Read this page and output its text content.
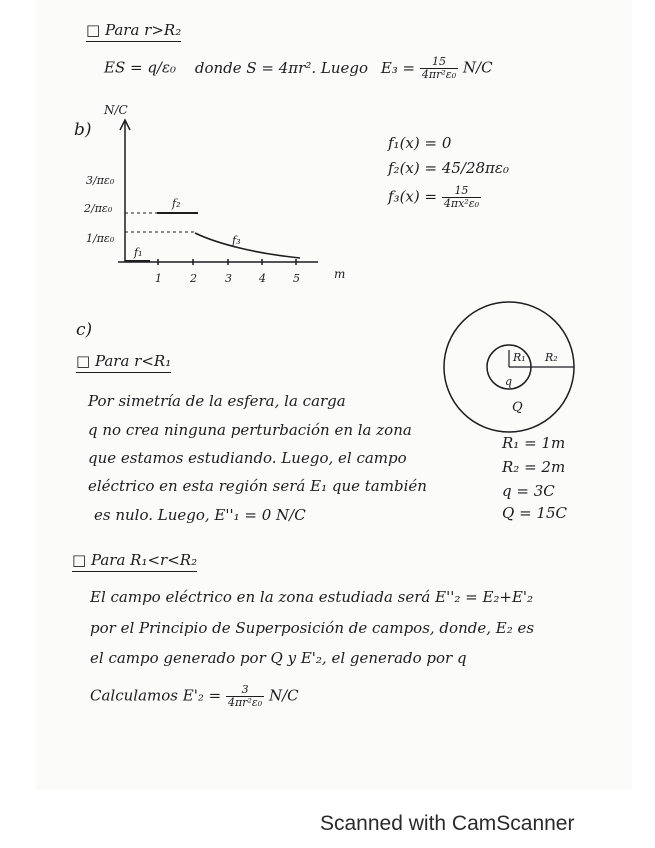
□ Para r>R₂
ES = q/ε₀ donde S = 4πr². Luego $E_3 = \frac{15}{\text{4πr²ε₀}} N/C$
b)
N/C
m
3/πε₀
2/πε₀
1/πε₀
1	2	3 4 5
f₁
f₂
f₃
f₁(x) = 0
f₂(x) = 45/28πε₀
$f_3(x) = \frac{15}{\text{4πx²ε₀}}$
c)
□ Para r<R₁
Por simetría de la esfera, la carga
q no crea ninguna perturbación en la zona
que estamos estudiando. Luego, el campo
eléctrico en esta región será E₁ que también
es nulo. Luego, E''₁ = 0 N/C
R₁ R₂
q
Q
R₁ = 1m
R₂ = 2m
q = 3C
Q = 15C
□ Para R₁<r<R₂
El campo eléctrico en la zona estudiada será E''₂ = E₂+E'₂
por el Principio de Superposición de campos, donde, E₂ es
el campo generado por Q y E'₂, el generado por q
Calculamos $E'_2 = \frac{3}{\text{4πr²ε₀}} N/C$
Scanned with CamScanner
